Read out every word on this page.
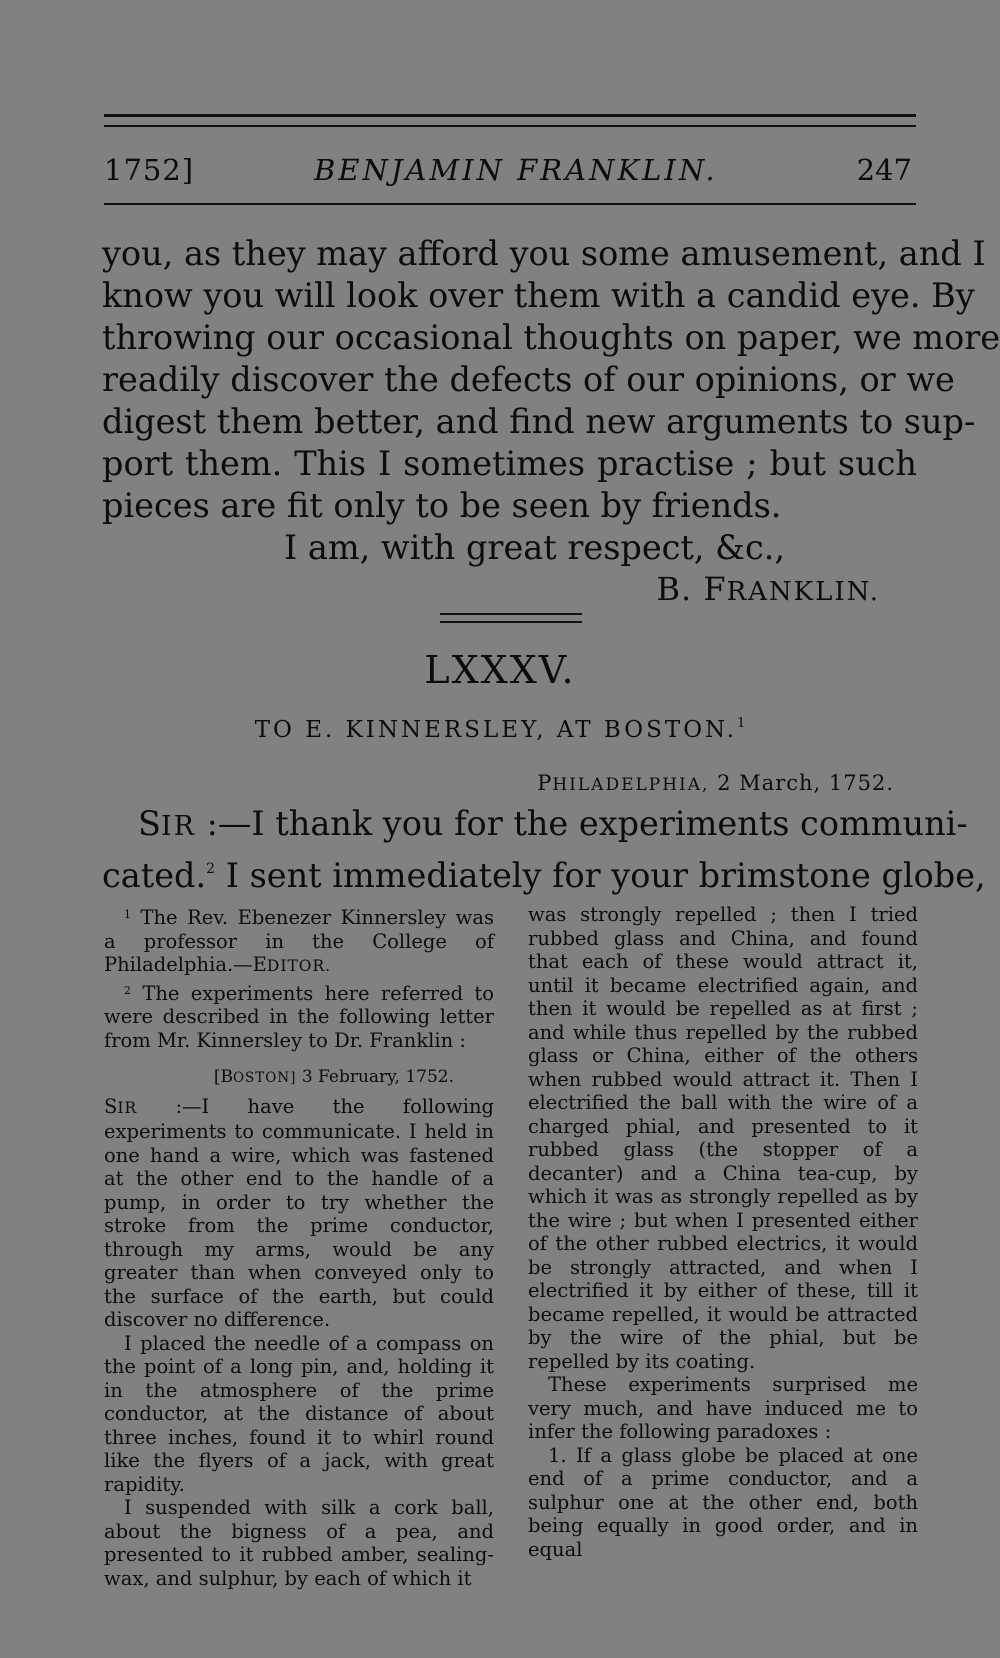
1752]	BENJAMIN FRANKLIN.	247
you, as they may afford you some amusement, and I
know you will look over them with a candid eye. By
throwing our occasional thoughts on paper, we more
readily discover the defects of our opinions, or we
digest them better, and find new arguments to sup-
port them. This I sometimes practise ; but such
pieces are fit only to be seen by friends.
I am, with great respect, &c.,
B. FRANKLIN.
LXXXV.
TO E. KINNERSLEY, AT BOSTON.$^1$
PHILADELPHIA, 2 March, 1752.
SIR :—I thank you for the experiments communi-
cated.$^2$ I sent immediately for your brimstone globe,

$^1$ The Rev. Ebenezer Kinnersley was a professor in the College of Philadelphia.—EDITOR.

$^2$ The experiments here referred to were described in the following letter from Mr. Kinnersley to Dr. Franklin :

[BOSTON] 3 February, 1752.

SIR :—I have the following experiments to communicate. I held in one hand a wire, which was fastened at the other end to the handle of a pump, in order to try whether the stroke from the prime conductor, through my arms, would be any greater than when conveyed only to the surface of the earth, but could discover no difference.

I placed the needle of a compass on the point of a long pin, and, holding it in the atmosphere of the prime conductor, at the distance of about three inches, found it to whirl round like the flyers of a jack, with great rapidity.

I suspended with silk a cork ball, about the bigness of a pea, and presented to it rubbed amber, sealing-wax, and sulphur, by each of which it

was strongly repelled ; then I tried rubbed glass and China, and found that each of these would attract it, until it became electrified again, and then it would be repelled as at first ; and while thus repelled by the rubbed glass or China, either of the others when rubbed would attract it. Then I electrified the ball with the wire of a charged phial, and presented to it rubbed glass (the stopper of a decanter) and a China tea-cup, by which it was as strongly repelled as by the wire ; but when I presented either of the other rubbed electrics, it would be strongly attracted, and when I electrified it by either of these, till it became repelled, it would be attracted by the wire of the phial, but be repelled by its coating.

These experiments surprised me very much, and have induced me to infer the following paradoxes :

1. If a glass globe be placed at one end of a prime conductor, and a sulphur one at the other end, both being equally in good order, and in equal
